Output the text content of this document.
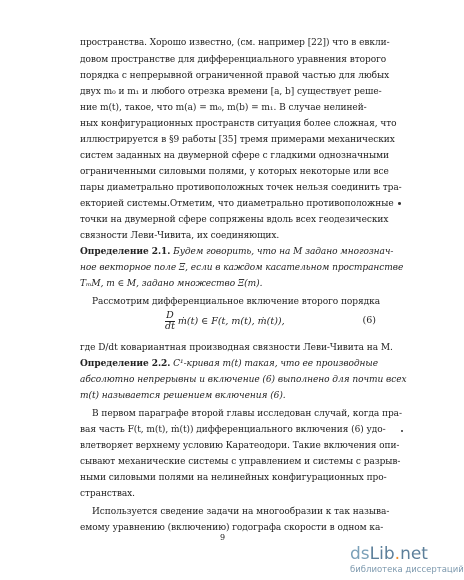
пространства. Хорошо известно, (см. например [22]) что в евкли-
довом пространстве для дифференциального уравнения второго
порядка с непрерывной ограниченной правой частью для любых
двух m₀ и m₁ и любого отрезка времени [a, b] существует реше-
ние m(t), такое, что m(a) = m₀, m(b) = m₁. В случае нелиней-
ных конфигурационных пространств ситуация более сложная, что
иллюстрируется в §9 работы [35] тремя примерами механических
систем заданных на двумерной сфере с гладкими однозначными
ограниченными силовыми полями, у которых некоторые или все
пары диаметрально противоположных точек нельзя соединить тра-
екторией системы.Отметим, что диаметрально противоположные
точки на двумерной сфере сопряжены вдоль всех геодезических
связности Леви-Чивита, их соединяющих.
Определение 2.1. Будем говорить, что на M задано многознач-
ное векторное поле Ξ, если в каждом касательном пространстве
TₘM, m ∈ M, задано множество Ξ(m).
Рассмотрим дифференциальное включение второго порядка
$\frac{D}{dt}$ ṁ(t) ∈ F(t, m(t), ṁ(t)),	(6)
где D/dt ковариантная производная связности Леви-Чивита на M.
Определение 2.2. C¹-кривая m(t) такая, что ее производные
абсолютно непрерывны и включение (6) выполнено для почти всех
m(t) называется решением включения (6).
В первом параграфе второй главы исследован случай, когда пра-
вая часть F(t, m(t), ṁ(t)) дифференциального включения (6) удо-
влетворяет верхнему условию Каратеодори. Такие включения опи-
сывают механические системы с управлением и системы с разрыв-
ными силовыми полями на нелинейных конфигурационных про-
странствах.
Используется сведение задачи на многообразии к так называ-
емому уравнению (включению) годографа скорости в одном ка-
9
dsLib.net
библиотека диссертаций
